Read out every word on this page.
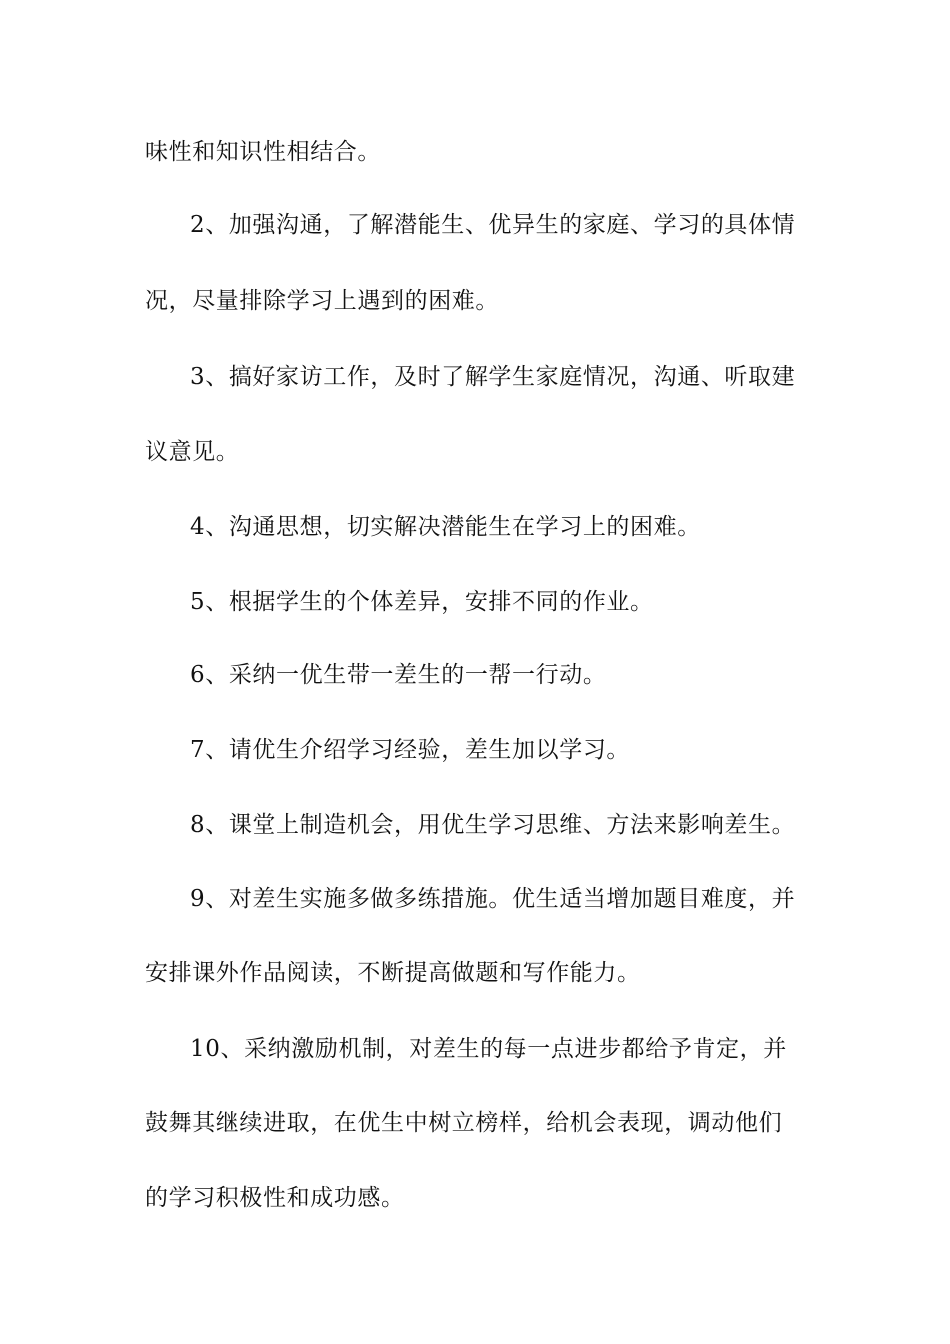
味性和知识性相结合。
2、加强沟通，了解潜能生、优异生的家庭、学习的具体情
况，尽量排除学习上遇到的困难。
3、搞好家访工作，及时了解学生家庭情况，沟通、听取建
议意见。
4、沟通思想，切实解决潜能生在学习上的困难。
5、根据学生的个体差异，安排不同的作业。
6、采纳一优生带一差生的一帮一行动。
7、请优生介绍学习经验，差生加以学习。
8、课堂上制造机会，用优生学习思维、方法来影响差生。
9、对差生实施多做多练措施。优生适当增加题目难度，并
安排课外作品阅读，不断提高做题和写作能力。
10、采纳激励机制，对差生的每一点进步都给予肯定，并
鼓舞其继续进取，在优生中树立榜样，给机会表现，调动他们
的学习积极性和成功感。
